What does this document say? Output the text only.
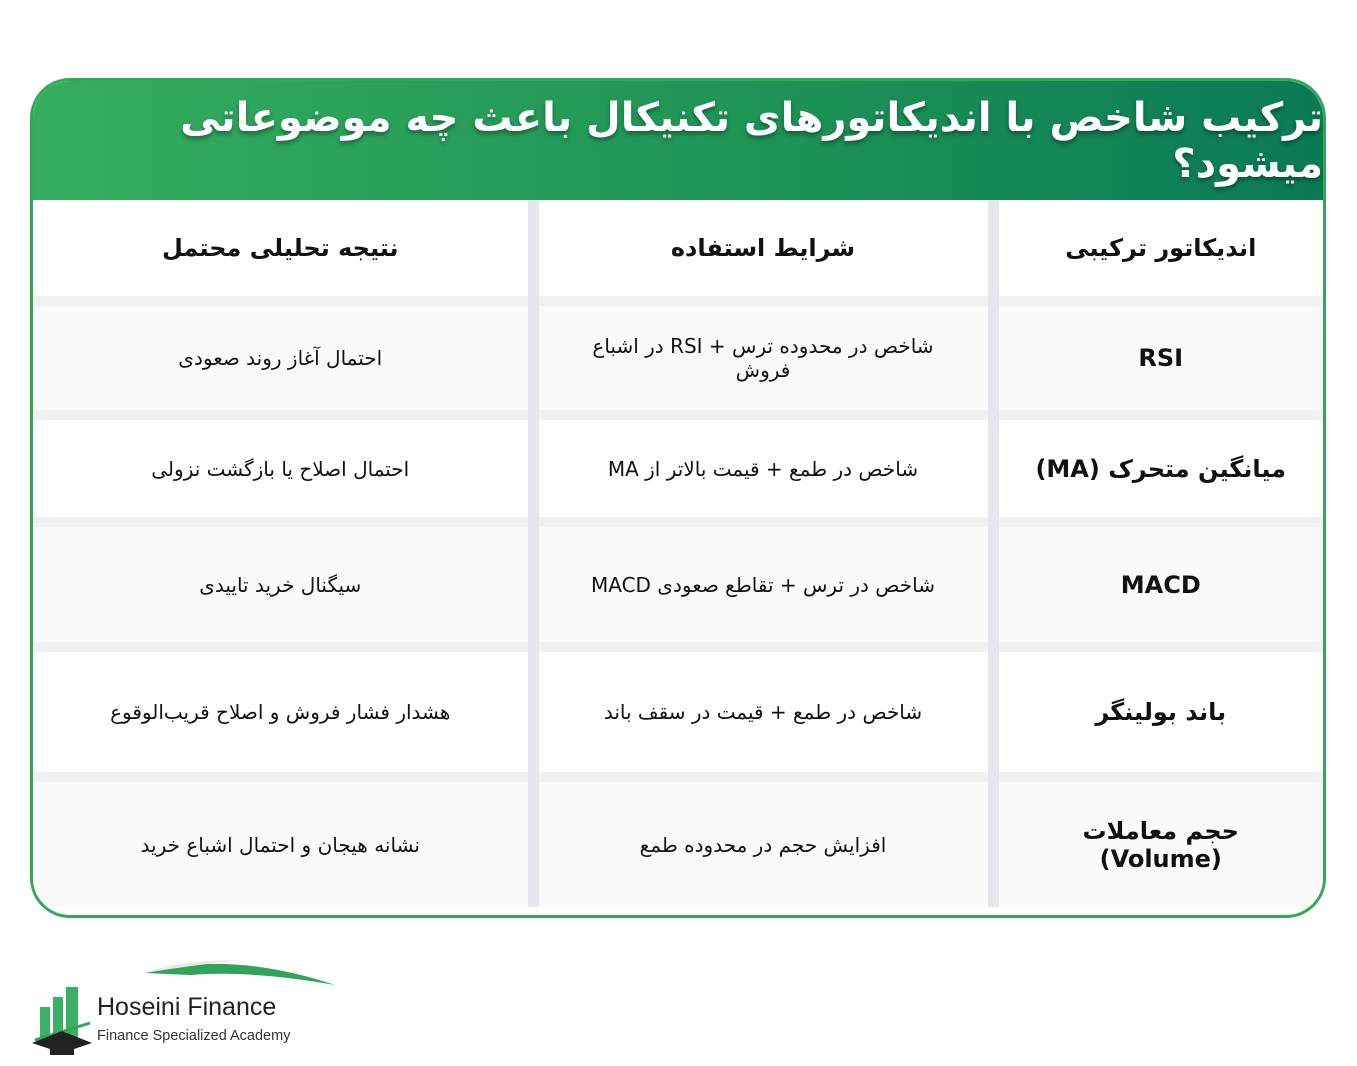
ترکیب شاخص با اندیکاتورهای تکنیکال باعث چه موضوعاتی میشود؟
اندیکاتور ترکیبی	شرایط استفاده	نتیجه تحلیلی محتمل

RSI	شاخص در محدوده ترس + RSI در اشباع فروش	احتمال آغاز روند صعودی

میانگین متحرک (MA)	شاخص در طمع + قیمت بالاتر از MA	احتمال اصلاح یا بازگشت نزولی

MACD	شاخص در ترس + تقاطع صعودی MACD	سیگنال خرید تاییدی

باند بولینگر	شاخص در طمع + قیمت در سقف باند	هشدار فشار فروش و اصلاح قریب‌الوقوع

حجم معاملات (Volume)	افزایش حجم در محدوده طمع	نشانه هیجان و احتمال اشباع خرید
Hoseini Finance
Finance Specialized Academy
